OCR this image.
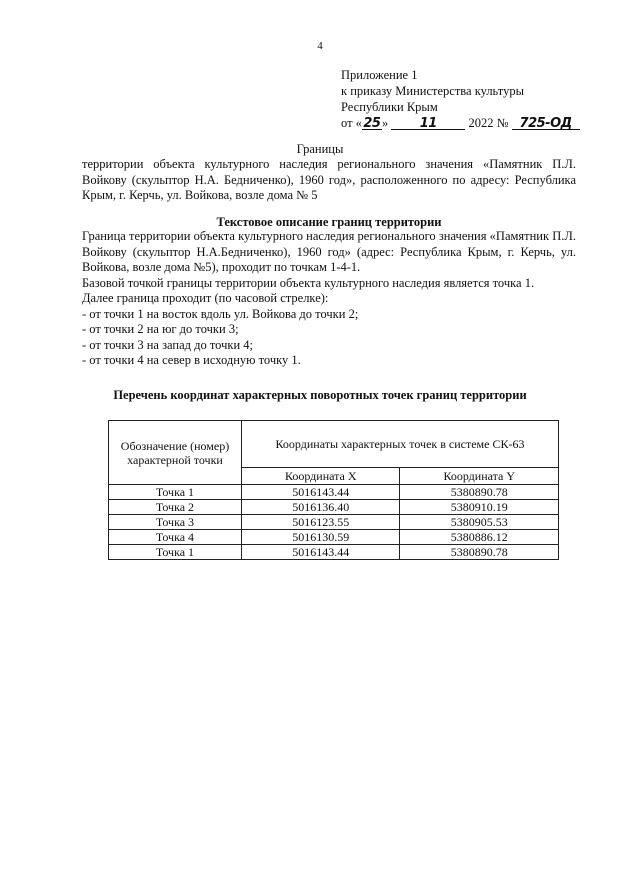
4
Приложение 1
к приказу Министерства культуры
Республики Крым
от «25» 11	2022 № 725-ОД
Границы
территории объекта культурного наследия регионального значения «Памятник П.Л. Войкову (скульптор Н.А. Бедниченко), 1960 год», расположенного по адресу: Республика Крым, г. Керчь, ул. Войкова, возле дома № 5
Текстовое описание границ территории
Граница территории объекта культурного наследия регионального значения «Памятник П.Л. Войкову (скульптор Н.А.Бедниченко), 1960 год» (адрес: Республика Крым, г. Керчь, ул. Войкова, возле дома №5), проходит по точкам 1-4-1.
Базовой точкой границы территории объекта культурного наследия является точка 1.
Далее граница проходит (по часовой стрелке):
- от точки 1 на восток вдоль ул. Войкова до точки 2;
- от точки 2 на юг до точки 3;
- от точки 3 на запад до точки 4;
- от точки 4 на север в исходную точку 1.
Перечень координат характерных поворотных точек границ территории
Обозначение (номер) характерной точки	Координаты характерных точек в системе СК-63	
	Координата X	Координата Y
Точка 1	5016143.44	5380890.78
Точка 2	5016136.40	5380910.19
Точка 3	5016123.55	5380905.53
Точка 4	5016130.59	5380886.12
Точка 1	5016143.44	5380890.78
